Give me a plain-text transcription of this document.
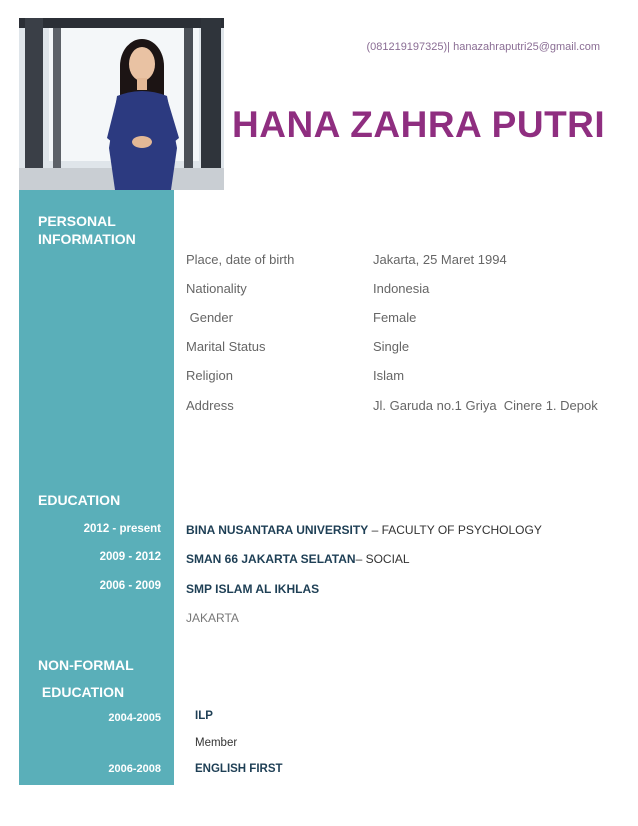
(081219197325)| hanazahraputri25@gmail.com
HANA ZAHRA PUTRI
PERSONAL
INFORMATION
Place, date of birth	Jakarta, 25 Maret 1994
Nationality	Indonesia
Gender	Female
Marital Status	Single
Religion	Islam
Address	Jl. Garuda no.1 Griya  Cinere 1. Depok
EDUCATION
2012 - present BINA NUSANTARA UNIVERSITY – FACULTY OF PSYCHOLOGY
2009 - 2012 SMAN 66 JAKARTA SELATAN– SOCIAL
2006 - 2009 SMP ISLAM AL IKHLAS
JAKARTA
NON-FORMAL
EDUCATION
2004-2005	ILP
Member
2006-2008	ENGLISH FIRST
